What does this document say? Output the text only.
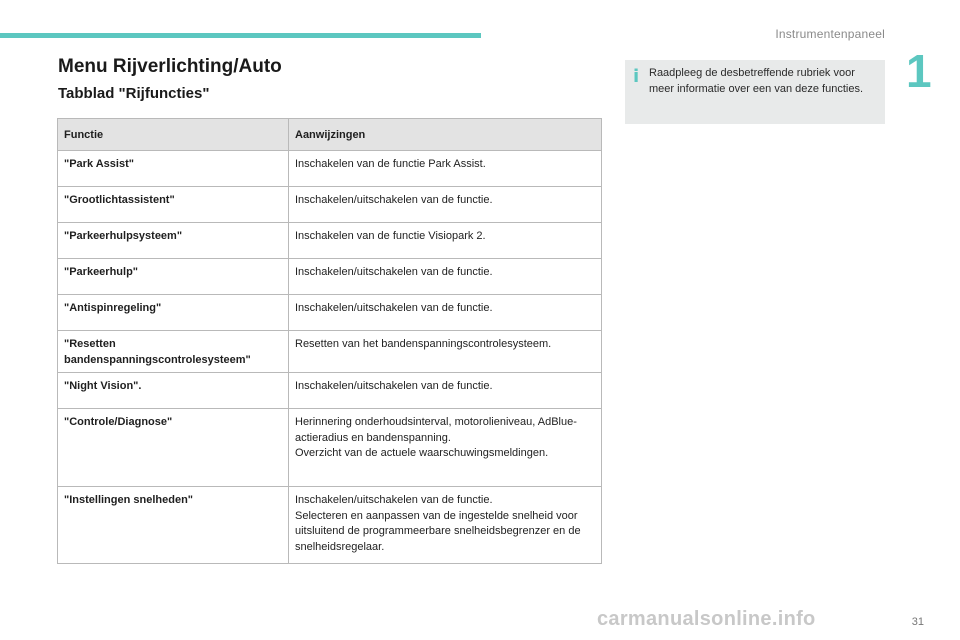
Instrumentenpaneel
1
Menu Rijverlichting/Auto
Tabblad "Rijfuncties"
i Raadpleeg de desbetreffende rubriek voor meer informatie over een van deze functies.
Functie	Aanwijzingen
"Park Assist"	Inschakelen van de functie Park Assist.

"Grootlichtassistent"	Inschakelen/uitschakelen van de functie.

"Parkeerhulpsysteem"	Inschakelen van de functie Visiopark 2.

"Parkeerhulp"	Inschakelen/uitschakelen van de functie.

"Antispinregeling"	Inschakelen/uitschakelen van de functie.

"Resetten bandenspanningscontrolesysteem"	Resetten van het bandenspanningscontrolesysteem.

"Night Vision".	Inschakelen/uitschakelen van de functie.

"Controle/Diagnose"	Herinnering onderhoudsinterval, motorolieniveau, AdBlue-actieradius en bandenspanning.
Overzicht van de actuele waarschuwingsmeldingen.

"Instellingen snelheden"	Inschakelen/uitschakelen van de functie.
Selecteren en aanpassen van de ingestelde snelheid voor uitsluitend de programmeerbare snelheidsbegrenzer en de snelheidsregelaar.
31
carmanualsonline.info
